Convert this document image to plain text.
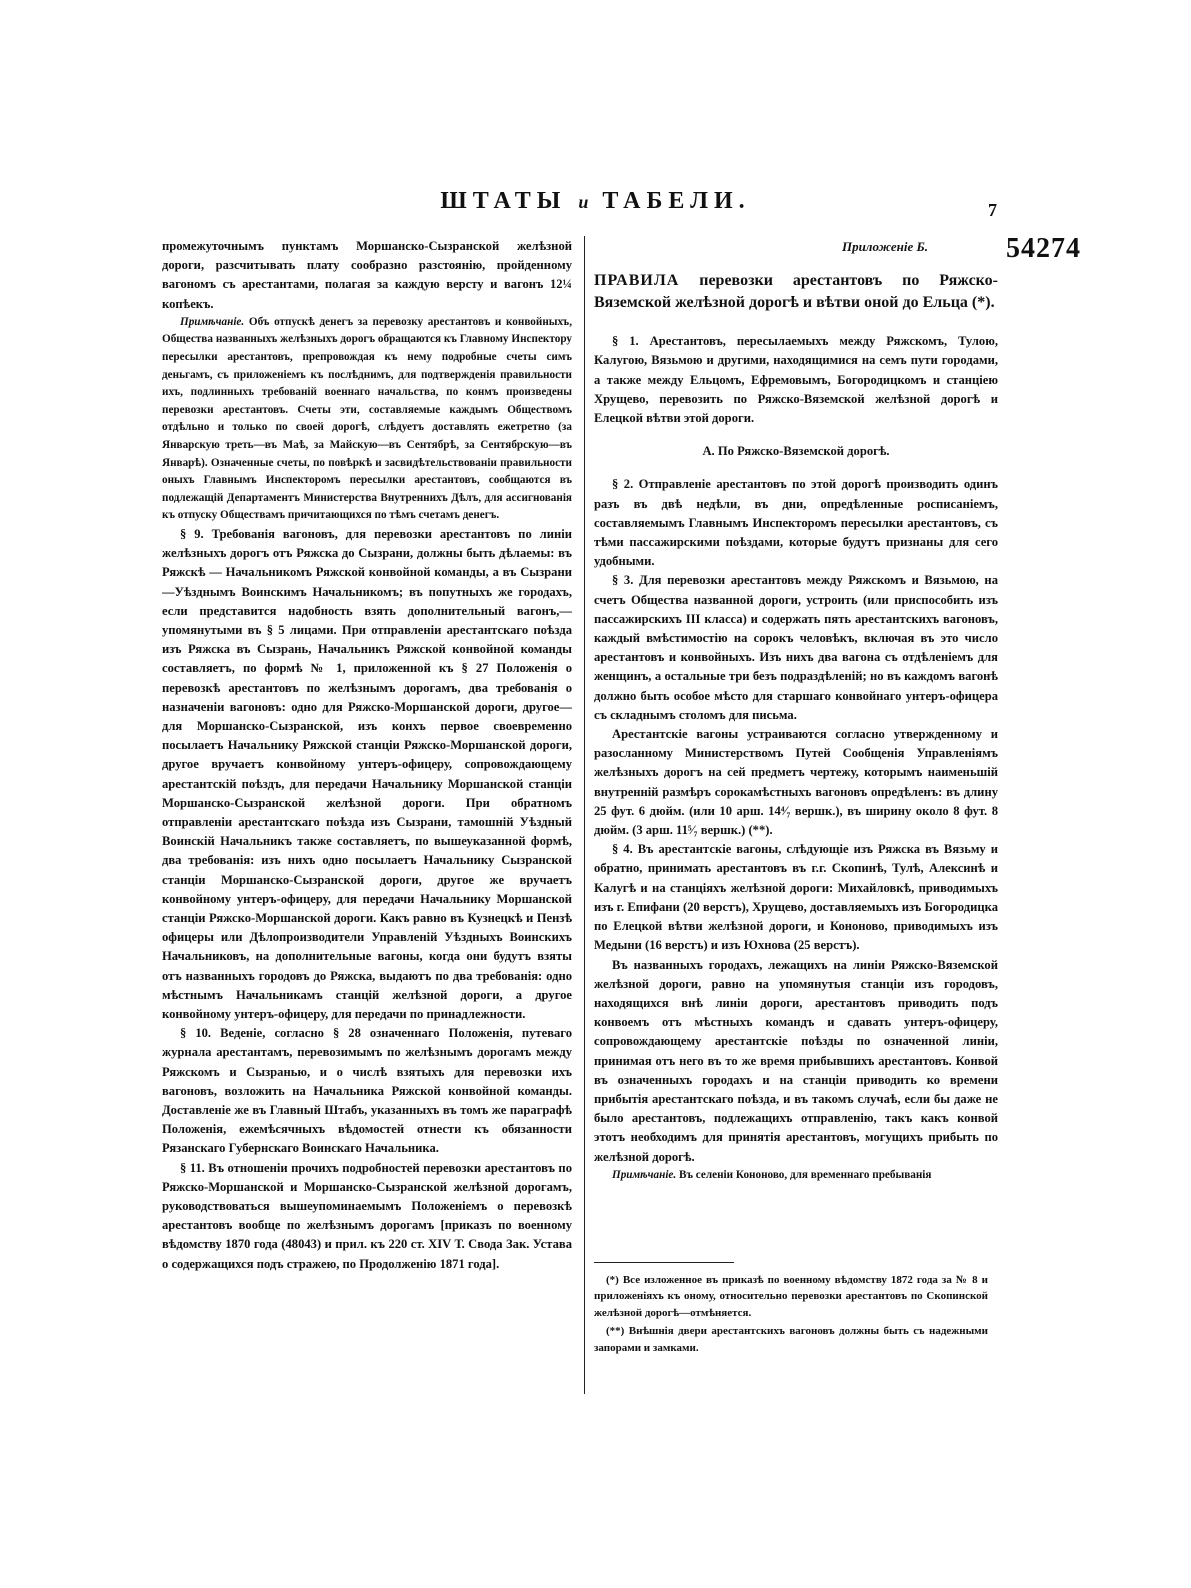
ШТАТЫ и ТАБЕЛИ.	7
54274

промежуточнымъ пунктамъ Моршанско-Сызранской желѣзной дороги, разсчитывать плату сообразно разстоянію, пройденному вагономъ съ арестантами, полагая за каждую версту и вагонъ 12¼ копѣекъ.

Примѣчаніе. Объ отпускѣ денегъ за перевозку арестантовъ и конвойныхъ, Общества названныхъ желѣзныхъ дорогъ обращаются къ Главному Инспектору пересылки арестантовъ, препровождая къ нему подробные счеты симъ деньгамъ, съ приложеніемъ къ послѣднимъ, для подтвержденія правильности ихъ, подлинныхъ требованій военнаго начальства, по конмъ произведены перевозки арестантовъ. Счеты эти, составляемые каждымъ Обществомъ отдѣльно и только по своей дорогѣ, слѣдуетъ доставлять ежетретно (за Январскую треть—въ Маѣ, за Майскую—въ Сентябрѣ, за Сентябрскую—въ Январѣ). Означенные счеты, по повѣркѣ и засвидѣтельствованіи правильности оныхъ Главнымъ Инспекторомъ пересылки арестантовъ, сообщаются въ подлежащій Департаментъ Министерства Внутреннихъ Дѣлъ, для ассигнованія къ отпуску Обществамъ причитающихся по тѣмъ счетамъ денегъ.

§ 9. Требованія вагоновъ, для перевозки арестантовъ по линіи желѣзныхъ дорогъ отъ Ряжска до Сызрани, должны быть дѣлаемы: въ Ряжскѣ — Начальникомъ Ряжской конвойной команды, а въ Сызрани—Уѣзднымъ Воинскимъ Начальникомъ; въ попутныхъ же городахъ, если представится надобность взять дополнительный вагонъ,—упомянутыми въ § 5 лицами. При отправленіи арестантскаго поѣзда изъ Ряжска въ Сызрань, Начальникъ Ряжской конвойной команды составляетъ, по формѣ № 1, приложенной къ § 27 Положенія о перевозкѣ арестантовъ по желѣзнымъ дорогамъ, два требованія о назначеніи вагоновъ: одно для Ряжско-Моршанской дороги, другое—для Моршанско-Сызранской, изъ конхъ первое своевременно посылаетъ Начальнику Ряжской станціи Ряжско-Моршанской дороги, другое вручаетъ конвойному унтеръ-офицеру, сопровождающему арестантскій поѣздъ, для передачи Начальнику Моршанской станціи Моршанско-Сызранской желѣзной дороги. При обратномъ отправленіи арестантскаго поѣзда изъ Сызрани, тамошній Уѣздный Воинскій Начальникъ также составляетъ, по вышеуказанной формѣ, два требованія: изъ нихъ одно посылаетъ Начальнику Сызранской станціи Моршанско-Сызранской дороги, другое же вручаетъ конвойному унтеръ-офицеру, для передачи Начальнику Моршанской станціи Ряжско-Моршанской дороги. Какъ равно въ Кузнецкѣ и Пензѣ офицеры или Дѣлопроизводители Управленій Уѣздныхъ Воинскихъ Начальниковъ, на дополнительные вагоны, когда они будутъ взяты отъ названныхъ городовъ до Ряжска, выдаютъ по два требованія: одно мѣстнымъ Начальникамъ станцій желѣзной дороги, а другое конвойному унтеръ-офицеру, для передачи по принадлежности.

§ 10. Веденіе, согласно § 28 означеннаго Положенія, путеваго журнала арестантамъ, перевозимымъ по желѣзнымъ дорогамъ между Ряжскомъ и Сызранью, и о числѣ взятыхъ для перевозки ихъ вагоновъ, возложить на Начальника Ряжской конвойной команды. Доставленіе же въ Главный Штабъ, указанныхъ въ томъ же параграфѣ Положенія, ежемѣсячныхъ вѣдомостей отнести къ обязанности Рязанскаго Губернскаго Воинскаго Начальника.

§ 11. Въ отношеніи прочихъ подробностей перевозки арестантовъ по Ряжско-Моршанской и Моршанско-Сызранской желѣзной дорогамъ, руководствоваться вышеупоминаемымъ Положеніемъ о перевозкѣ арестантовъ вообще по желѣзнымъ дорогамъ [приказъ по военному вѣдомству 1870 года (48043) и прил. къ 220 ст. XIV Т. Свода Зак. Устава о содержащихся подъ стражею, по Продолженію 1871 года].

Приложеніе Б.
ПРАВИЛА перевозки арестантовъ по Ряжско-Вяземской желѣзной дорогѣ и вѣтви оной до Ельца (*).

§ 1. Арестантовъ, пересылаемыхъ между Ряжскомъ, Тулою, Калугою, Вязьмою и другими, находящимися на семъ пути городами, а также между Ельцомъ, Ефремовымъ, Богородицкомъ и станціею Хрущево, перевозить по Ряжско-Вяземской желѣзной дорогѣ и Елецкой вѣтви этой дороги.

А. По Ряжско-Вяземской дорогѣ.

§ 2. Отправленіе арестантовъ по этой дорогѣ производить одинъ разъ въ двѣ недѣли, въ дни, опредѣленные росписаніемъ, составляемымъ Главнымъ Инспекторомъ пересылки арестантовъ, съ тѣми пассажирскими поѣздами, которые будутъ признаны для сего удобными.

§ 3. Для перевозки арестантовъ между Ряжскомъ и Вязьмою, на счетъ Общества названной дороги, устроить (или приспособить изъ пассажирскихъ III класса) и содержать пять арестантскихъ вагоновъ, каждый вмѣстимостію на сорокъ человѣкъ, включая въ это число арестантовъ и конвойныхъ. Изъ нихъ два вагона съ отдѣленіемъ для женщинъ, а остальные три безъ подраздѣленій; но въ каждомъ вагонѣ должно быть особое мѣсто для старшаго конвойнаго унтеръ-офицера съ складнымъ столомъ для письма.

Арестантскіе вагоны устраиваются согласно утвержденному и разосланному Министерствомъ Путей Сообщенія Управленіямъ желѣзныхъ дорогъ на сей предметъ чертежу, которымъ наименьшій внутренній размѣръ сорокамѣстныхъ вагоновъ опредѣленъ: въ длину 25 фут. 6 дюйм. (или 10 арш. 14⁴⁄₇ вершк.), въ ширину около 8 фут. 8 дюйм. (3 арш. 11⁵⁄₇ вершк.) (**).

§ 4. Въ арестантскіе вагоны, слѣдующіе изъ Ряжска въ Вязьму и обратно, принимать арестантовъ въ г.г. Скопинѣ, Тулѣ, Алексинѣ и Калугѣ и на станціяхъ желѣзной дороги: Михайловкѣ, приводимыхъ изъ г. Епифани (20 верстъ), Хрущево, доставляемыхъ изъ Богородицка по Елецкой вѣтви желѣзной дороги, и Кононово, приводимыхъ изъ Медыни (16 верстъ) и изъ Юхнова (25 верстъ).

Въ названныхъ городахъ, лежащихъ на линіи Ряжско-Вяземской желѣзной дороги, равно на упомянутыя станціи изъ городовъ, находящихся внѣ линіи дороги, арестантовъ приводить подъ конвоемъ отъ мѣстныхъ командъ и сдавать унтеръ-офицеру, сопровождающему арестантскіе поѣзды по означенной линіи, принимая отъ него въ то же время прибывшихъ арестантовъ. Конвой въ означенныхъ городахъ и на станціи приводить ко времени прибытія арестантскаго поѣзда, и въ такомъ случаѣ, если бы даже не было арестантовъ, подлежащихъ отправленію, такъ какъ конвой этотъ необходимъ для принятія арестантовъ, могущихъ прибыть по желѣзной дорогѣ.

Примѣчаніе. Въ селеніи Кононово, для временнаго пребыванія

(*) Все изложенное въ приказѣ по военному вѣдомству 1872 года за № 8 и приложеніяхъ къ оному, относительно перевозки арестантовъ по Скопинской желѣзной дорогѣ—отмѣняется.

(**) Внѣшнія двери арестантскихъ вагоновъ должны быть съ надежными запорами и замками.
